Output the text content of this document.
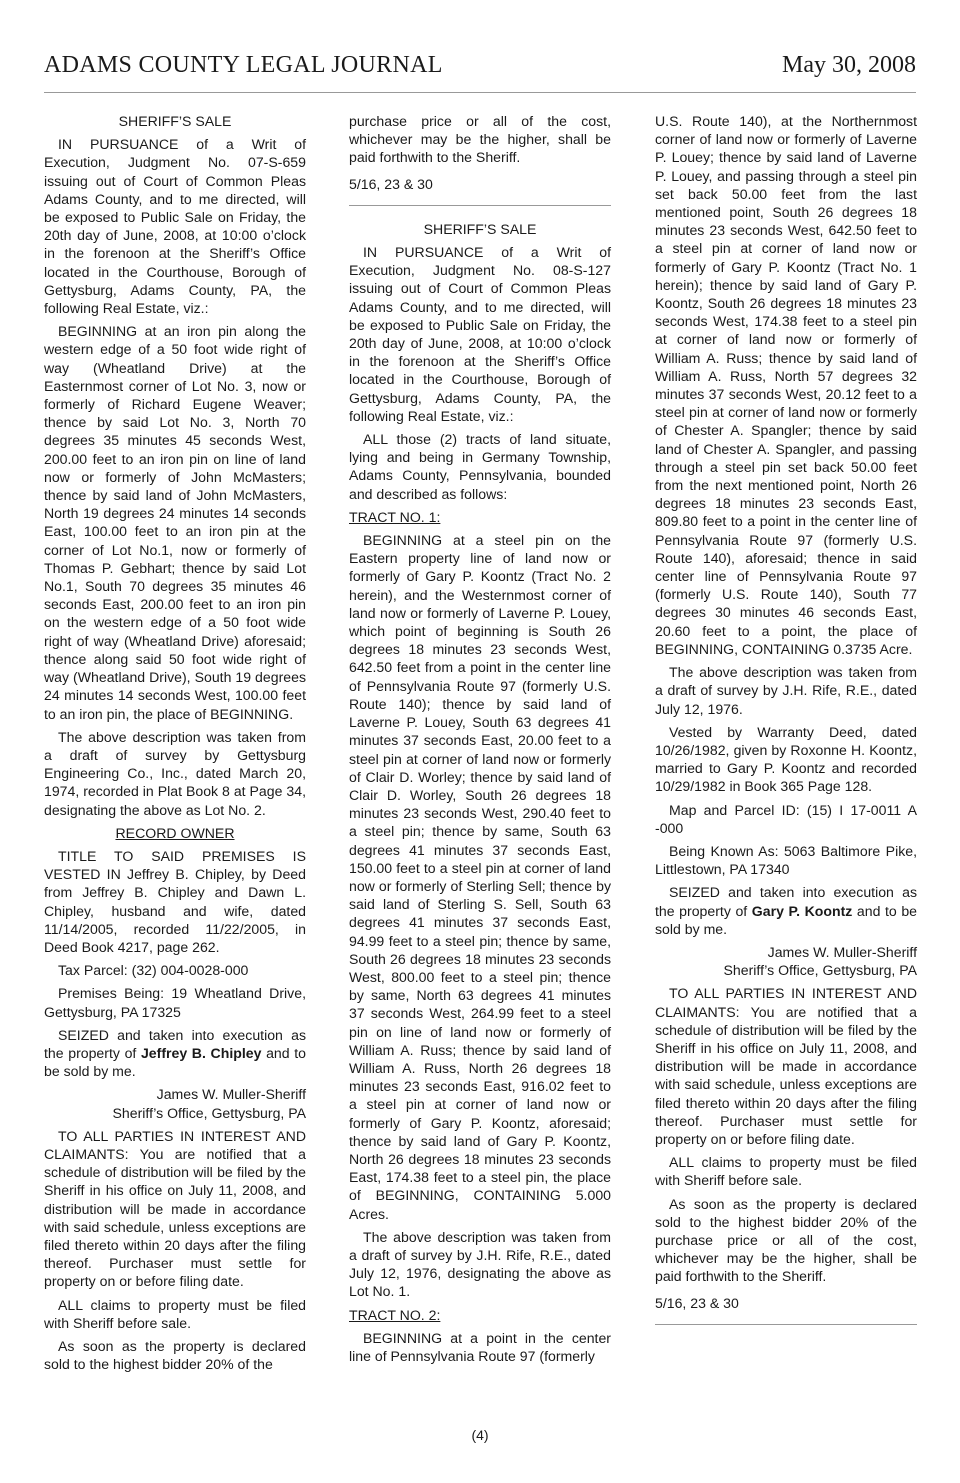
ADAMS COUNTY LEGAL JOURNAL	May 30, 2008
SHERIFF’S SALE

IN PURSUANCE of a Writ of Execution, Judgment No. 07-S-659 issuing out of Court of Common Pleas Adams County, and to me directed, will be exposed to Public Sale on Friday, the 20th day of June, 2008, at 10:00 o’clock in the forenoon at the Sheriff’s Office located in the Courthouse, Borough of Gettysburg, Adams County, PA, the following Real Estate, viz.:

BEGINNING at an iron pin along the western edge of a 50 foot wide right of way (Wheatland Drive) at the Easternmost corner of Lot No. 3, now or formerly of Richard Eugene Weaver; thence by said Lot No. 3, North 70 degrees 35 minutes 45 seconds West, 200.00 feet to an iron pin on line of land now or formerly of John McMasters; thence by said land of John McMasters, North 19 degrees 24 minutes 14 seconds East, 100.00 feet to an iron pin at the corner of Lot No.1, now or formerly of Thomas P. Gebhart; thence by said Lot No.1, South 70 degrees 35 minutes 46 seconds East, 200.00 feet to an iron pin on the western edge of a 50 foot wide right of way (Wheatland Drive) aforesaid; thence along said 50 foot wide right of way (Wheatland Drive), South 19 degrees 24 minutes 14 seconds West, 100.00 feet to an iron pin, the place of BEGINNING.

The above description was taken from a draft of survey by Gettysburg Engineering Co., Inc., dated March 20, 1974, recorded in Plat Book 8 at Page 34, designating the above as Lot No. 2.

RECORD OWNER

TITLE TO SAID PREMISES IS VESTED IN Jeffrey B. Chipley, by Deed from Jeffrey B. Chipley and Dawn L. Chipley, husband and wife, dated 11/14/2005, recorded 11/22/2005, in Deed Book 4217, page 262.

Tax Parcel: (32) 004-0028-000

Premises Being: 19 Wheatland Drive, Gettysburg, PA 17325

SEIZED and taken into execution as the property of Jeffrey B. Chipley and to be sold by me.

James W. Muller-Sheriff
Sheriff’s Office, Gettysburg, PA

TO ALL PARTIES IN INTEREST AND CLAIMANTS: You are notified that a schedule of distribution will be filed by the Sheriff in his office on July 11, 2008, and distribution will be made in accordance with said schedule, unless exceptions are filed thereto within 20 days after the filing thereof. Purchaser must settle for property on or before filing date.

ALL claims to property must be filed with Sheriff before sale.

As soon as the property is declared sold to the highest bidder 20% of the

purchase price or all of the cost, whichever may be the higher, shall be paid forthwith to the Sheriff.

5/16, 23 & 30
SHERIFF’S SALE

IN PURSUANCE of a Writ of Execution, Judgment No. 08-S-127 issuing out of Court of Common Pleas Adams County, and to me directed, will be exposed to Public Sale on Friday, the 20th day of June, 2008, at 10:00 o’clock in the forenoon at the Sheriff’s Office located in the Courthouse, Borough of Gettysburg, Adams County, PA, the following Real Estate, viz.:

ALL those (2) tracts of land situate, lying and being in Germany Township, Adams County, Pennsylvania, bounded and described as follows:

TRACT NO. 1:

BEGINNING at a steel pin on the Eastern property line of land now or formerly of Gary P. Koontz (Tract No. 2 herein), and the Westernmost corner of land now or formerly of Laverne P. Louey, which point of beginning is South 26 degrees 18 minutes 23 seconds West, 642.50 feet from a point in the center line of Pennsylvania Route 97 (formerly U.S. Route 140); thence by said land of Laverne P. Louey, South 63 degrees 41 minutes 37 seconds East, 20.00 feet to a steel pin at corner of land now or formerly of Clair D. Worley; thence by said land of Clair D. Worley, South 26 degrees 18 minutes 23 seconds West, 290.40 feet to a steel pin; thence by same, South 63 degrees 41 minutes 37 seconds East, 150.00 feet to a steel pin at corner of land now or formerly of Sterling Sell; thence by said land of Sterling S. Sell, South 63 degrees 41 minutes 37 seconds East, 94.99 feet to a steel pin; thence by same, South 26 degrees 18 minutes 23 seconds West, 800.00 feet to a steel pin; thence by same, North 63 degrees 41 minutes 37 seconds West, 264.99 feet to a steel pin on line of land now or formerly of William A. Russ; thence by said land of William A. Russ, North 26 degrees 18 minutes 23 seconds East, 916.02 feet to a steel pin at corner of land now or formerly of Gary P. Koontz, aforesaid; thence by said land of Gary P. Koontz, North 26 degrees 18 minutes 23 seconds East, 174.38 feet to a steel pin, the place of BEGINNING, CONTAINING 5.000 Acres.

The above description was taken from a draft of survey by J.H. Rife, R.E., dated July 12, 1976, designating the above as Lot No. 1.

TRACT NO. 2:

BEGINNING at a point in the center line of Pennsylvania Route 97 (formerly

U.S. Route 140), at the Northernmost corner of land now or formerly of Laverne P. Louey; thence by said land of Laverne P. Louey, and passing through a steel pin set back 50.00 feet from the last mentioned point, South 26 degrees 18 minutes 23 seconds West, 642.50 feet to a steel pin at corner of land now or formerly of Gary P. Koontz (Tract No. 1 herein); thence by said land of Gary P. Koontz, South 26 degrees 18 minutes 23 seconds West, 174.38 feet to a steel pin at corner of land now or formerly of William A. Russ; thence by said land of William A. Russ, North 57 degrees 32 minutes 37 seconds West, 20.12 feet to a steel pin at corner of land now or formerly of Chester A. Spangler; thence by said land of Chester A. Spangler, and passing through a steel pin set back 50.00 feet from the next mentioned point, North 26 degrees 18 minutes 23 seconds East, 809.80 feet to a point in the center line of Pennsylvania Route 97 (formerly U.S. Route 140), aforesaid; thence in said center line of Pennsylvania Route 97 (formerly U.S. Route 140), South 77 degrees 30 minutes 46 seconds East, 20.60 feet to a point, the place of BEGINNING, CONTAINING 0.3735 Acre.

The above description was taken from a draft of survey by J.H. Rife, R.E., dated July 12, 1976.

Vested by Warranty Deed, dated 10/26/1982, given by Roxonne H. Koontz, married to Gary P. Koontz and recorded 10/29/1982 in Book 365 Page 128.

Map and Parcel ID: (15) I 17-0011 A -000

Being Known As: 5063 Baltimore Pike, Littlestown, PA 17340

SEIZED and taken into execution as the property of Gary P. Koontz and to be sold by me.

James W. Muller-Sheriff
Sheriff’s Office, Gettysburg, PA

TO ALL PARTIES IN INTEREST AND CLAIMANTS: You are notified that a schedule of distribution will be filed by the Sheriff in his office on July 11, 2008, and distribution will be made in accordance with said schedule, unless exceptions are filed thereto within 20 days after the filing thereof. Purchaser must settle for property on or before filing date.

ALL claims to property must be filed with Sheriff before sale.

As soon as the property is declared sold to the highest bidder 20% of the purchase price or all of the cost, whichever may be the higher, shall be paid forthwith to the Sheriff.

5/16, 23 & 30
(4)
